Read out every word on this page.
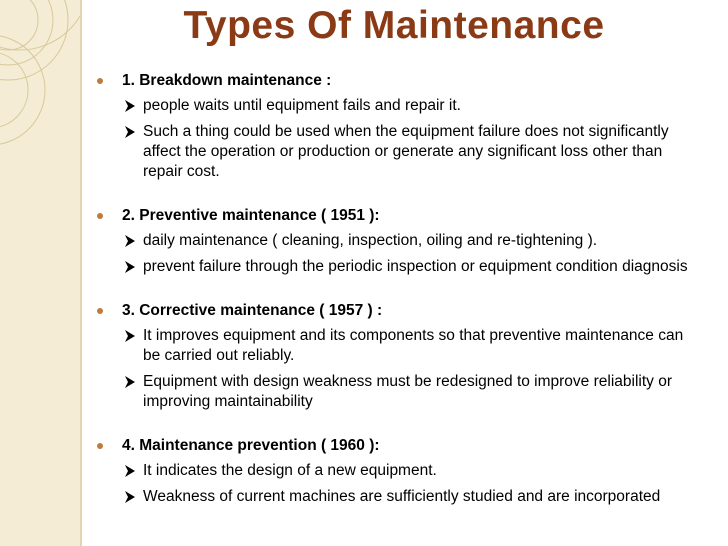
Types Of Maintenance
1. Breakdown maintenance :
people waits until equipment fails and repair it.
Such a thing could be used when the equipment failure does not significantly affect the operation or production or generate any significant loss other than repair cost.
2. Preventive maintenance ( 1951 ):
daily maintenance ( cleaning, inspection, oiling and re-tightening ).
prevent failure through the periodic inspection or equipment condition diagnosis
3. Corrective maintenance ( 1957 ) :
It improves equipment and its components so that preventive maintenance can be carried out reliably.
Equipment with design weakness must be redesigned to improve reliability or improving maintainability
4. Maintenance prevention ( 1960 ):
It indicates the design of a new equipment.
Weakness of current machines are sufficiently studied and are incorporated
